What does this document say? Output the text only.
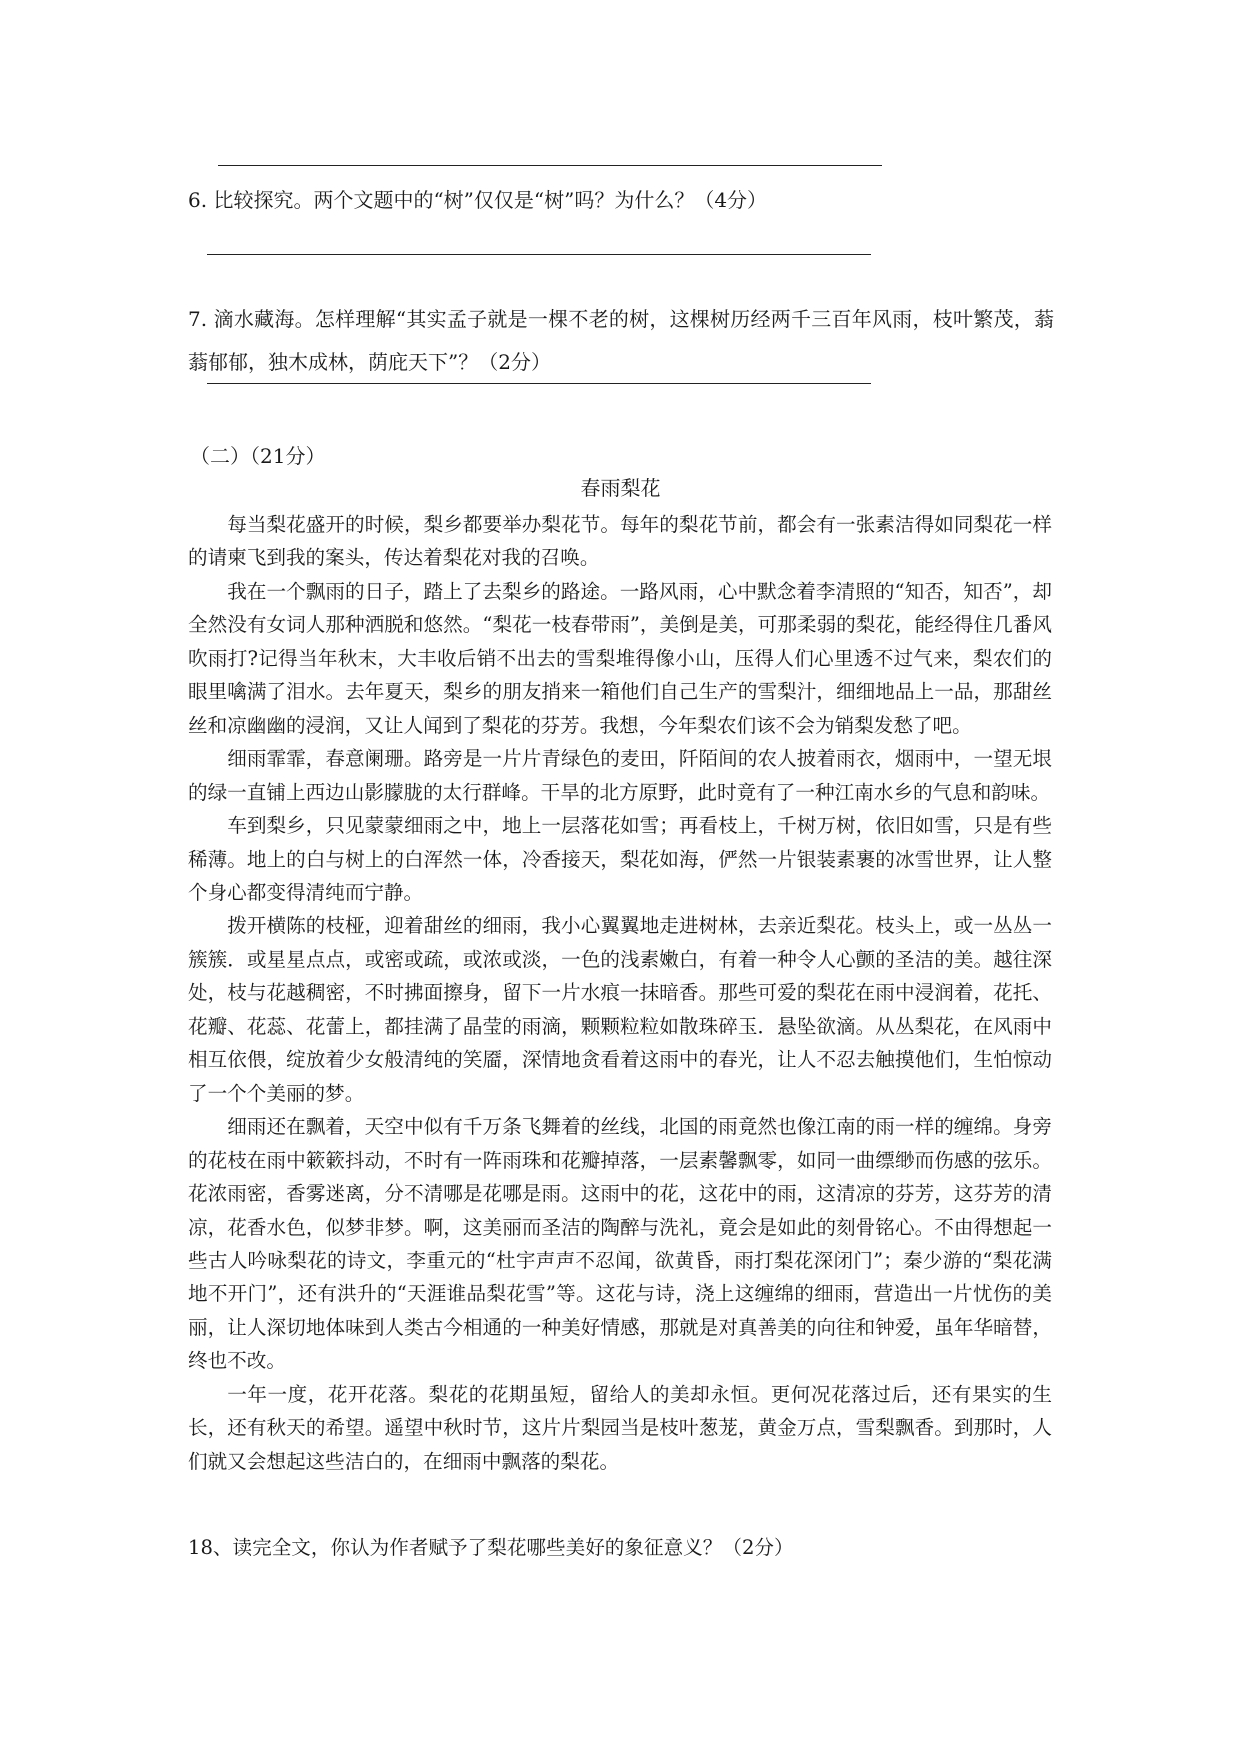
6. 比较探究。两个文题中的“树”仅仅是“树”吗？为什么？（4分）
7. 滴水藏海。怎样理解“其实孟子就是一棵不老的树，这棵树历经两千三百年风雨，枝叶繁茂，蓊蓊郁郁，独木成林，荫庇天下”？（2分）
（二）（21分）
春雨梨花

每当梨花盛开的时候，梨乡都要举办梨花节。每年的梨花节前，都会有一张素洁得如同梨花一样的请柬飞到我的案头，传达着梨花对我的召唤。

我在一个飘雨的日子，踏上了去梨乡的路途。一路风雨，心中默念着李清照的“知否，知否”，却全然没有女词人那种洒脱和悠然。“梨花一枝春带雨”，美倒是美，可那柔弱的梨花，能经得住几番风吹雨打?记得当年秋末，大丰收后销不出去的雪梨堆得像小山，压得人们心里透不过气来，梨农们的眼里噙满了泪水。去年夏天，梨乡的朋友捎来一箱他们自己生产的雪梨汁，细细地品上一品，那甜丝丝和凉幽幽的浸润，又让人闻到了梨花的芬芳。我想，今年梨农们该不会为销梨发愁了吧。

细雨霏霏，春意阑珊。路旁是一片片青绿色的麦田，阡陌间的农人披着雨衣，烟雨中，一望无垠的绿一直铺上西边山影朦胧的太行群峰。干旱的北方原野，此时竟有了一种江南水乡的气息和韵味。

车到梨乡，只见蒙蒙细雨之中，地上一层落花如雪；再看枝上，千树万树，依旧如雪，只是有些稀薄。地上的白与树上的白浑然一体，冷香接天，梨花如海，俨然一片银装素裹的冰雪世界，让人整个身心都变得清纯而宁静。

拨开横陈的枝桠，迎着甜丝的细雨，我小心翼翼地走进树林，去亲近梨花。枝头上，或一丛丛一簇簇．或星星点点，或密或疏，或浓或淡，一色的浅素嫩白，有着一种令人心颤的圣洁的美。越往深处，枝与花越稠密，不时拂面擦身，留下一片水痕一抹暗香。那些可爱的梨花在雨中浸润着，花托、花瓣、花蕊、花蕾上，都挂满了晶莹的雨滴，颗颗粒粒如散珠碎玉．悬坠欲滴。从丛梨花，在风雨中相互依偎，绽放着少女般清纯的笑靥，深情地贪看着这雨中的春光，让人不忍去触摸他们，生怕惊动了一个个美丽的梦。

细雨还在飘着，天空中似有千万条飞舞着的丝线，北国的雨竟然也像江南的雨一样的缠绵。身旁的花枝在雨中簌簌抖动，不时有一阵雨珠和花瓣掉落，一层素馨飘零，如同一曲缥缈而伤感的弦乐。花浓雨密，香雾迷离，分不清哪是花哪是雨。这雨中的花，这花中的雨，这清凉的芬芳，这芬芳的清凉，花香水色，似梦非梦。啊，这美丽而圣洁的陶醉与洗礼，竟会是如此的刻骨铭心。不由得想起一些古人吟咏梨花的诗文，李重元的“杜宇声声不忍闻，欲黄昏，雨打梨花深闭门”；秦少游的“梨花满地不开门”，还有洪升的“天涯谁品梨花雪”等。这花与诗，浇上这缠绵的细雨，营造出一片忧伤的美丽，让人深切地体味到人类古今相通的一种美好情感，那就是对真善美的向往和钟爱，虽年华暗替，终也不改。

一年一度，花开花落。梨花的花期虽短，留给人的美却永恒。更何况花落过后，还有果实的生长，还有秋天的希望。遥望中秋时节，这片片梨园当是枝叶葱茏，黄金万点，雪梨飘香。到那时，人们就又会想起这些洁白的，在细雨中飘落的梨花。

18、读完全文，你认为作者赋予了梨花哪些美好的象征意义？（2分）
